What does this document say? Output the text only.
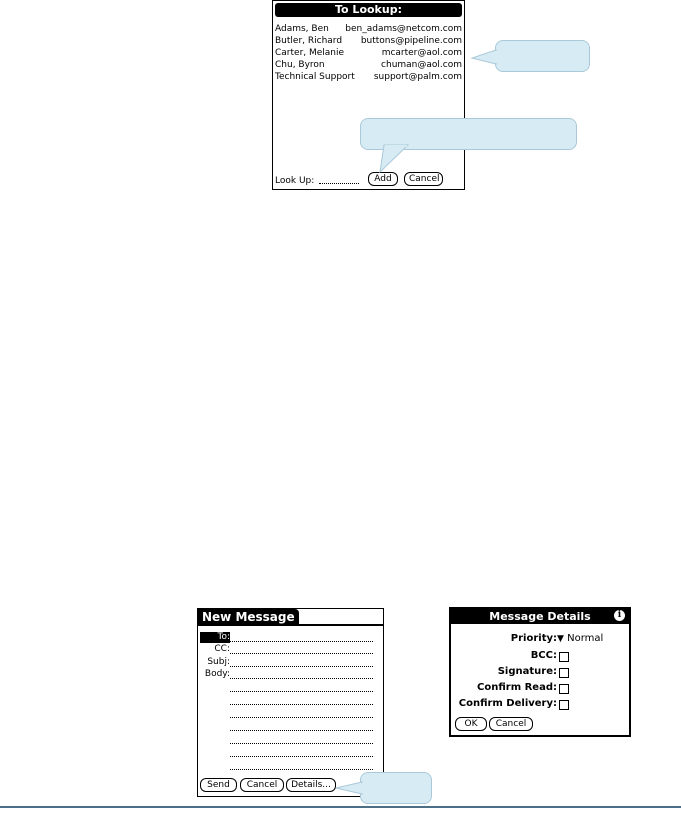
To Lookup:
Adams, Ben ben_adams@netcom.com
Butler, Richard buttons@pipeline.com
Carter, Melanie	mcarter@aol.com
Chu, Byron	chuman@aol.com
Technical Support support@palm.com
Look Up:	Add	Cancel
New Message
To:
CC:
Subj:
Body:
Send	Cancel	Details...
Message Details	i
Priority: ▼ Normal
BCC:
Signature:
Confirm Read:
Confirm Delivery:
OK	Cancel
